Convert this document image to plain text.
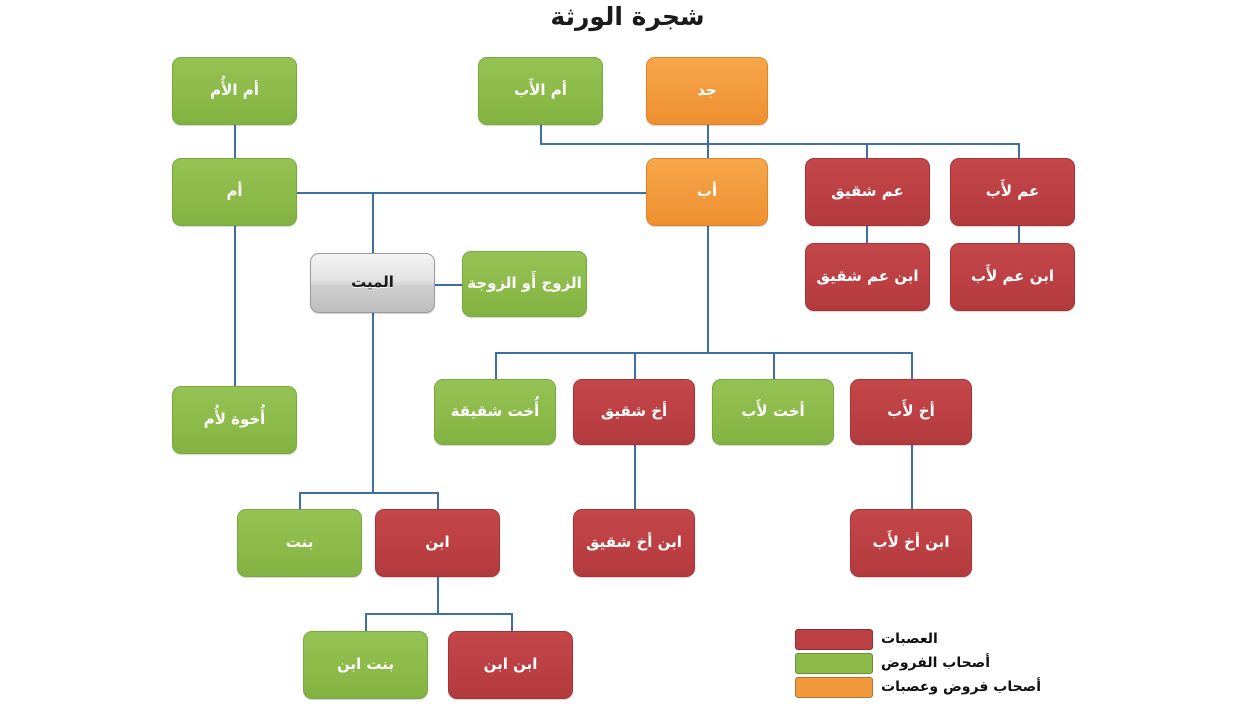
شجرة الورثة
أم الأُم	أم الأَب	جد
أم	أب	عم شقيق	عم لأَب
ابن عم شقيق	ابن عم لأَب
الميت	الزوج أَو الزوجة
أُخوة لأُم	أُخت شقيقة	أخ شقيق	أخت لأَب	أخ لأَب
ابن أخ شقيق	ابن أخ لأَب
بنت	ابن
بنت ابن	ابن ابن
العصبات
أصحاب الفروض
أصحاب فروض وعصبات
